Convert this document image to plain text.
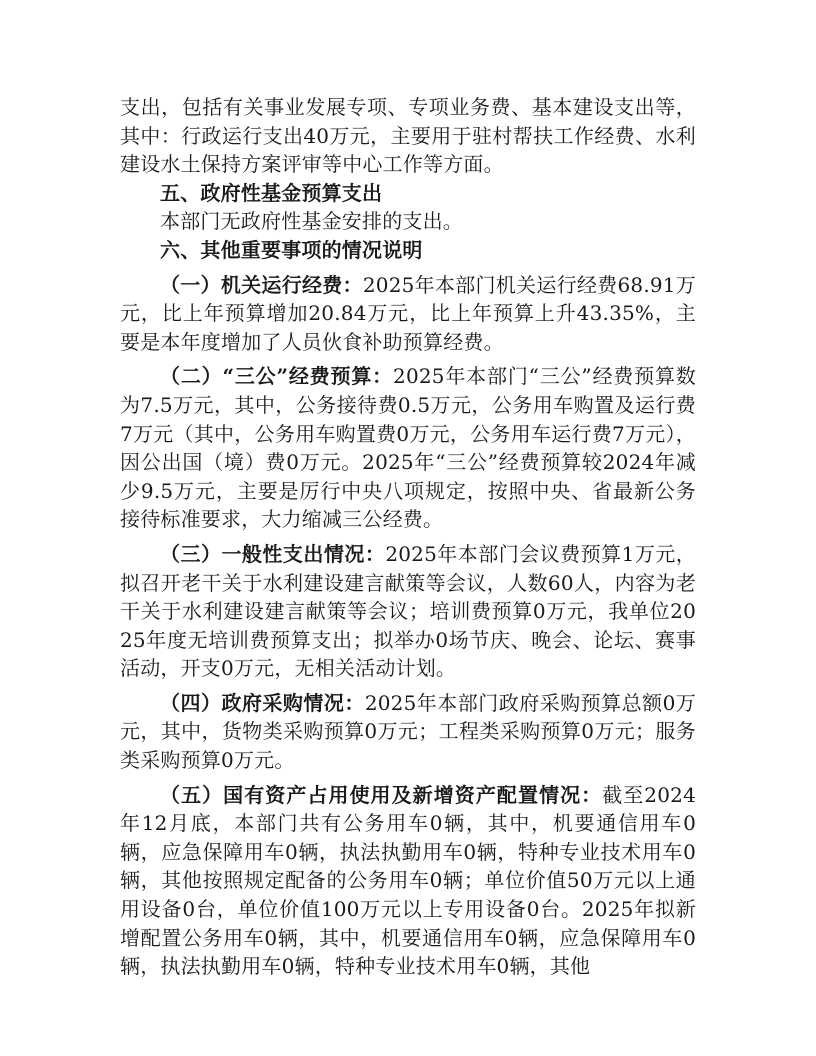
支出，包括有关事业发展专项、专项业务费、基本建设支出等，其中：行政运行支出40万元，主要用于驻村帮扶工作经费、水利建设水土保持方案评审等中心工作等方面。

五、政府性基金预算支出

本部门无政府性基金安排的支出。

六、其他重要事项的情况说明

（一）机关运行经费：2025年本部门机关运行经费68.91万元，比上年预算增加20.84万元，比上年预算上升43.35%，主要是本年度增加了人员伙食补助预算经费。

（二）“三公”经费预算：2025年本部门“三公”经费预算数为7.5万元，其中，公务接待费0.5万元，公务用车购置及运行费7万元（其中，公务用车购置费0万元，公务用车运行费7万元），因公出国（境）费0万元。2025年“三公”经费预算较2024年减少9.5万元，主要是厉行中央八项规定，按照中央、省最新公务接待标准要求，大力缩减三公经费。

（三）一般性支出情况：2025年本部门会议费预算1万元，拟召开老干关于水利建设建言献策等会议，人数60人，内容为老干关于水利建设建言献策等会议；培训费预算0万元，我单位2025年度无培训费预算支出；拟举办0场节庆、晚会、论坛、赛事活动，开支0万元，无相关活动计划。

（四）政府采购情况：2025年本部门政府采购预算总额0万元，其中，货物类采购预算0万元；工程类采购预算0万元；服务类采购预算0万元。

（五）国有资产占用使用及新增资产配置情况：截至2024年12月底，本部门共有公务用车0辆，其中，机要通信用车0辆，应急保障用车0辆，执法执勤用车0辆，特种专业技术用车0辆，其他按照规定配备的公务用车0辆；单位价值50万元以上通用设备0台，单位价值100万元以上专用设备0台。2025年拟新增配置公务用车0辆，其中，机要通信用车0辆，应急保障用车0辆，执法执勤用车0辆，特种专业技术用车0辆，其他
